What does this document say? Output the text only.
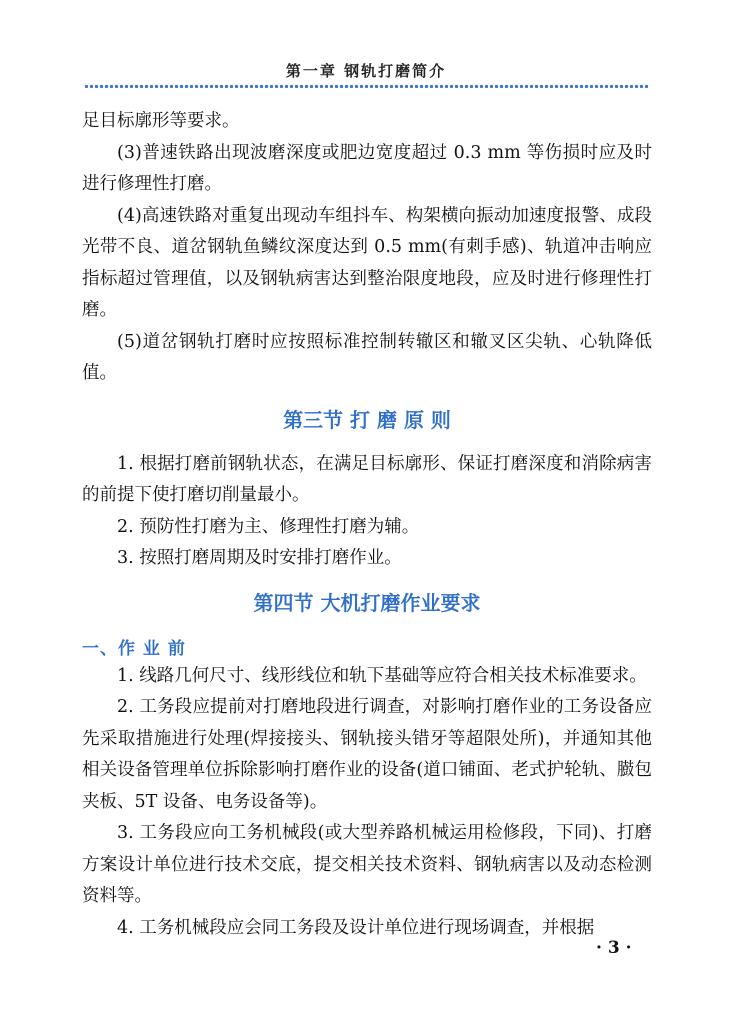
第一章 钢轨打磨简介

足目标廓形等要求。

(3)普速铁路出现波磨深度或肥边宽度超过 0.3 mm 等伤损时应及时进行修理性打磨。

(4)高速铁路对重复出现动车组抖车、构架横向振动加速度报警、成段光带不良、道岔钢轨鱼鳞纹深度达到 0.5 mm(有刺手感)、轨道冲击响应指标超过管理值，以及钢轨病害达到整治限度地段，应及时进行修理性打磨。

(5)道岔钢轨打磨时应按照标准控制转辙区和辙叉区尖轨、心轨降低值。

第三节 打 磨 原 则

1. 根据打磨前钢轨状态，在满足目标廓形、保证打磨深度和消除病害的前提下使打磨切削量最小。

2. 预防性打磨为主、修理性打磨为辅。

3. 按照打磨周期及时安排打磨作业。

第四节 大机打磨作业要求
一、作 业 前

1. 线路几何尺寸、线形线位和轨下基础等应符合相关技术标准要求。

2. 工务段应提前对打磨地段进行调查，对影响打磨作业的工务设备应先采取措施进行处理(焊接接头、钢轨接头错牙等超限处所)，并通知其他相关设备管理单位拆除影响打磨作业的设备(道口铺面、老式护轮轨、臌包夹板、5T 设备、电务设备等)。

3. 工务段应向工务机械段(或大型养路机械运用检修段，下同)、打磨方案设计单位进行技术交底，提交相关技术资料、钢轨病害以及动态检测资料等。

4. 工务机械段应会同工务段及设计单位进行现场调查，并根据

· 3 ·
